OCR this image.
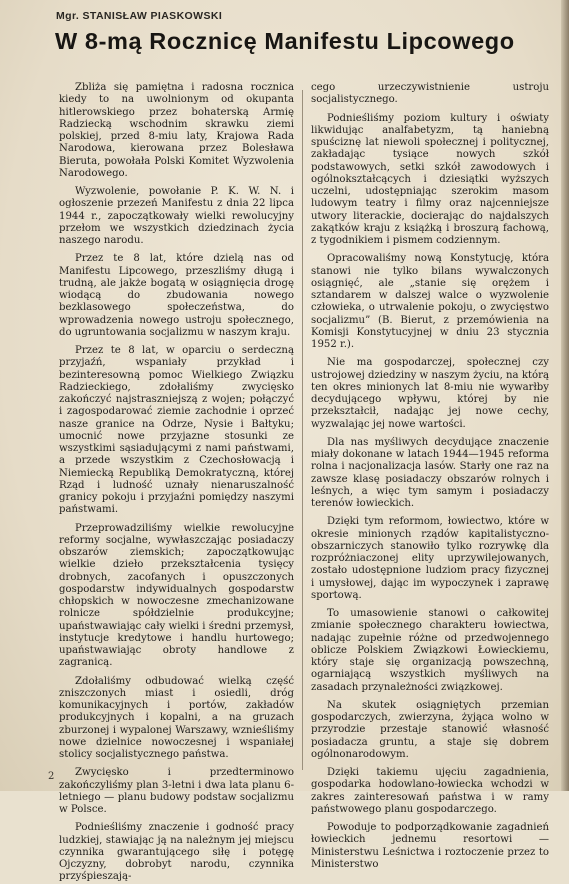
Mgr. STANISŁAW PIASKOWSKI
W 8-mą Rocznicę Manifestu Lipcowego

Zbliża się pamiętna i radosna rocznica kiedy to na uwolnionym od okupanta hitlerowskiego przez bohaterską Armię Radziecką wschodnim skrawku ziemi polskiej, przed 8-miu laty, Krajowa Rada Narodowa, kierowana przez Bolesława Bieruta, powołała Polski Komitet Wyzwolenia Narodowego.

Wyzwolenie, powołanie P. K. W. N. i ogłoszenie przezeń Manifestu z dnia 22 lipca 1944 r., zapoczątkowały wielki rewolucyjny przełom we wszystkich dziedzinach życia naszego narodu.

Przez te 8 lat, które dzielą nas od Manifestu Lipcowego, przeszliśmy długą i trudną, ale jakże bogatą w osiągnięcia drogę wiodącą do zbudowania nowego bezklasowego społeczeństwa, do wprowadzenia nowego ustroju społecznego, do ugruntowania socjalizmu w naszym kraju.

Przez te 8 lat, w oparciu o serdeczną przyjaźń, wspaniały przykład i bezinteresowną pomoc Wielkiego Związku Radzieckiego, zdołaliśmy zwycięsko zakończyć najstraszniejszą z wojen; połączyć i zagospodarować ziemie zachodnie i oprzeć nasze granice na Odrze, Nysie i Bałtyku; umocnić nowe przyjazne stosunki ze wszystkimi sąsiadującymi z nami państwami, a przede wszystkim z Czechosłowacją i Niemiecką Republiką Demokratyczną, której Rząd i ludność uznały nienaruszalność granicy pokoju i przyjaźni pomiędzy naszymi państwami.

Przeprowadziliśmy wielkie rewolucyjne reformy socjalne, wywłaszczając posiadaczy obszarów ziemskich; zapoczątkowując wielkie dzieło przekształcenia tysięcy drobnych, zacofanych i opuszczonych gospodarstw indywidualnych gospodarstw chłopskich w nowoczesne zmechanizowane rolnicze spółdzielnie produkcyjne; upaństwawiając cały wielki i średni przemysł, instytucje kredytowe i handlu hurtowego; upaństwawiając obroty handlowe z zagranicą.

Zdołaliśmy odbudować wielką część zniszczonych miast i osiedli, dróg komunikacyjnych i portów, zakładów produkcyjnych i kopalni, a na gruzach zburzonej i wypalonej Warszawy, wznieśliśmy nowe dzielnice nowoczesnej i wspaniałej stolicy socjalistycznego państwa.

Zwycięsko i przedterminowo zakończyliśmy plan 3-letni i dwa lata planu 6-letniego — planu budowy podstaw socjalizmu w Polsce.

Podnieśliśmy znaczenie i godność pracy ludzkiej, stawiając ją na należnym jej miejscu czynnika gwarantującego siłę i potęgę Ojczyzny, dobrobyt narodu, czynnika przyśpieszają-

cego urzeczywistnienie ustroju socjalistycznego.

Podnieśliśmy poziom kultury i oświaty likwidując analfabetyzm, tą haniebną spuściznę lat niewoli społecznej i politycznej, zakładając tysiące nowych szkół podstawowych, setki szkół zawodowych i ogólnokształcących i dziesiątki wyższych uczelni, udostępniając szerokim masom ludowym teatry i filmy oraz najcenniejsze utwory literackie, docierając do najdalszych zakątków kraju z książką i broszurą fachową, z tygodnikiem i pismem codziennym.

Opracowaliśmy nową Konstytucję, która stanowi nie tylko bilans wywalczonych osiągnięć, ale „stanie się orężem i sztandarem w dalszej walce o wyzwolenie człowieka, o utrwalenie pokoju, o zwycięstwo socjalizmu” (B. Bierut, z przemówienia na Komisji Konstytucyjnej w dniu 23 stycznia 1952 r.).

Nie ma gospodarczej, społecznej czy ustrojowej dziedziny w naszym życiu, na którą ten okres minionych lat 8-miu nie wywarłby decydującego wpływu, której by nie przekształcił, nadając jej nowe cechy, wyzwalając jej nowe wartości.

Dla nas myśliwych decydujące znaczenie miały dokonane w latach 1944—1945 reforma rolna i nacjonalizacja lasów. Starły one raz na zawsze klasę posiadaczy obszarów rolnych i leśnych, a więc tym samym i posiadaczy terenów łowieckich.

Dzięki tym reformom, łowiectwo, które w okresie minionych rządów kapitalistyczno-obszarniczych stanowiło tylko rozrywkę dla rozpróżniaczonej elity uprzywilejowanych, zostało udostępnione ludziom pracy fizycznej i umysłowej, dając im wypoczynek i zaprawę sportową.

To umasowienie stanowi o całkowitej zmianie społecznego charakteru łowiectwa, nadając zupełnie różne od przedwojennego oblicze Polskiem Związkowi Łowieckiemu, który staje się organizacją powszechną, ogarniającą wszystkich myśliwych na zasadach przynależności związkowej.

Na skutek osiągniętych przemian gospodarczych, zwierzyna, żyjąca wolno w przyrodzie przestaje stanowić własność posiadacza gruntu, a staje się dobrem ogólnonarodowym.

Dzięki takiemu ujęciu zagadnienia, gospodarka hodowlano-łowiecka wchodzi w zakres zainteresowań państwa i w ramy państwowego planu gospodarczego.

Powoduje to podporządkowanie zagadnień łowieckich jednemu resortowi — Ministerstwu Leśnictwa i roztoczenie przez to Ministerstwo

2
